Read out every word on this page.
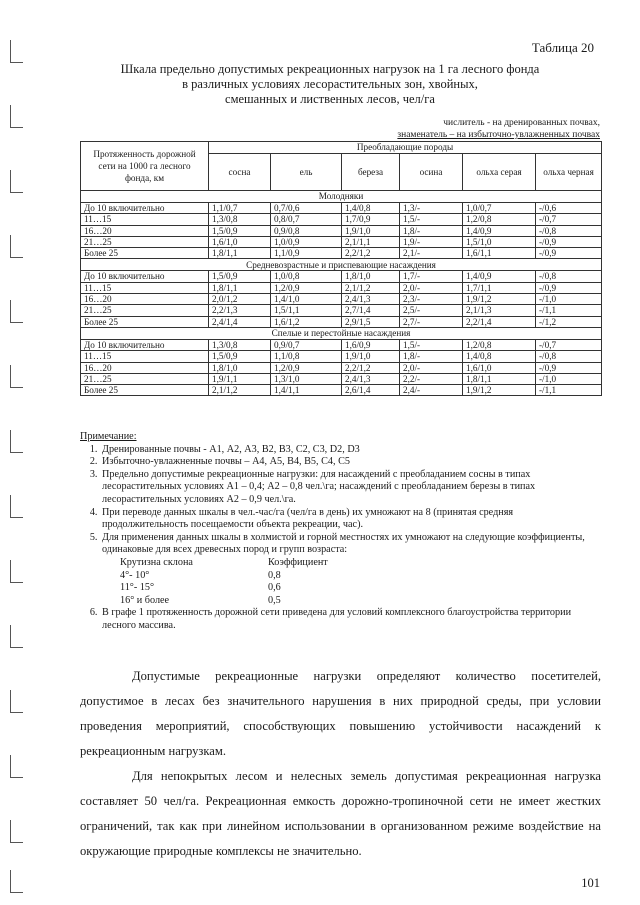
Таблица 20
Шкала предельно допустимых рекреационных нагрузок на 1 га лесного фонда
в различных условиях лесорастительных зон, хвойных,
смешанных и лиственных лесов, чел/га
числитель - на дренированных почвах,
знаменатель – на избыточно-увлажненных почвах
Протяженность дорожной сети на 1000 га лесного фонда, км	Преобладающие породы					
	сосна	ель	береза	осина	ольха серая	ольха черная
Молодняки						
До 10 включительно	1,1/0,7	0,7/0,6	1,4/0,8	1,3/-	1,0/0,7	-/0,6
11…15	1,3/0,8	0,8/0,7	1,7/0,9	1,5/-	1,2/0,8	-/0,7
16…20	1,5/0,9	0,9/0,8	1,9/1,0	1,8/-	1,4/0,9	-/0,8
21…25	1,6/1,0	1,0/0,9	2,1/1,1	1,9/-	1,5/1,0	-/0,9
Более 25	1,8/1,1	1,1/0,9	2,2/1,2	2,1/-	1,6/1,1	-/0,9
Средневозрастные и приспевающие насаждения						
До 10 включительно	1,5/0,9	1,0/0,8	1,8/1,0	1,7/-	1,4/0,9	-/0,8
11…15	1,8/1,1	1,2/0,9	2,1/1,2	2,0/-	1,7/1,1	-/0,9
16…20	2,0/1,2	1,4/1,0	2,4/1,3	2,3/-	1,9/1,2	-/1,0
21…25	2,2/1,3	1,5/1,1	2,7/1,4	2,5/-	2,1/1,3	-/1,1
Более 25	2,4/1,4	1,6/1,2	2,9/1,5	2,7/-	2,2/1,4	-/1,2
Спелые и перестойные насаждения						
До 10 включительно	1,3/0,8	0,9/0,7	1,6/0,9	1,5/-	1,2/0,8	-/0,7
11…15	1,5/0,9	1,1/0,8	1,9/1,0	1,8/-	1,4/0,8	-/0,8
16…20	1,8/1,0	1,2/0,9	2,2/1,2	2,0/-	1,6/1,0	-/0,9
21…25	1,9/1,1	1,3/1,0	2,4/1,3	2,2/-	1,8/1,1	-/1,0
Более 25	2,1/1,2	1,4/1,1	2,6/1,4	2,4/-	1,9/1,2	-/1,1
Примечание:
1. Дренированные почвы - А1, А2, А3, В2, В3, С2, С3, D2, D3
2. Избыточно-увлажненные почвы – А4, А5, В4, В5, С4, С5
3. Предельно допустимые рекреационные нагрузки: для насаждений с преобладанием сосны в типах лесорастительных условиях А1 – 0,4; А2 – 0,8 чел.\га; насаждений с преобладанием березы в типах лесорастительных условиях А2 – 0,9 чел.\га.
4. При переводе данных шкалы в чел.-час/га (чел/га в день) их умножают на 8 (принятая средняя продолжительность посещаемости объекта рекреации, час).
5. Для применения данных шкалы в холмистой и горной местностях их умножают на следующие коэффициенты, одинаковые для всех древесных пород и групп возраста:
Крутизна склона	Коэффициент
4°- 10°	0,8
11°- 15°	0,6
16° и более	0,5
6. В графе 1 протяженность дорожной сети приведена для условий комплексного благоустройства территории лесного массива.

Допустимые рекреационные нагрузки определяют количество посетителей, допустимое в лесах без значительного нарушения в них природной среды, при условии проведения мероприятий, способствующих повышению устойчивости насаждений к рекреационным нагрузкам.

Для непокрытых лесом и нелесных земель допустимая рекреационная нагрузка составляет 50 чел/га. Рекреационная емкость дорожно-тропиночной сети не имеет жестких ограничений, так как при линейном использовании в организованном режиме воздействие на окружающие природные комплексы не значительно.

101
